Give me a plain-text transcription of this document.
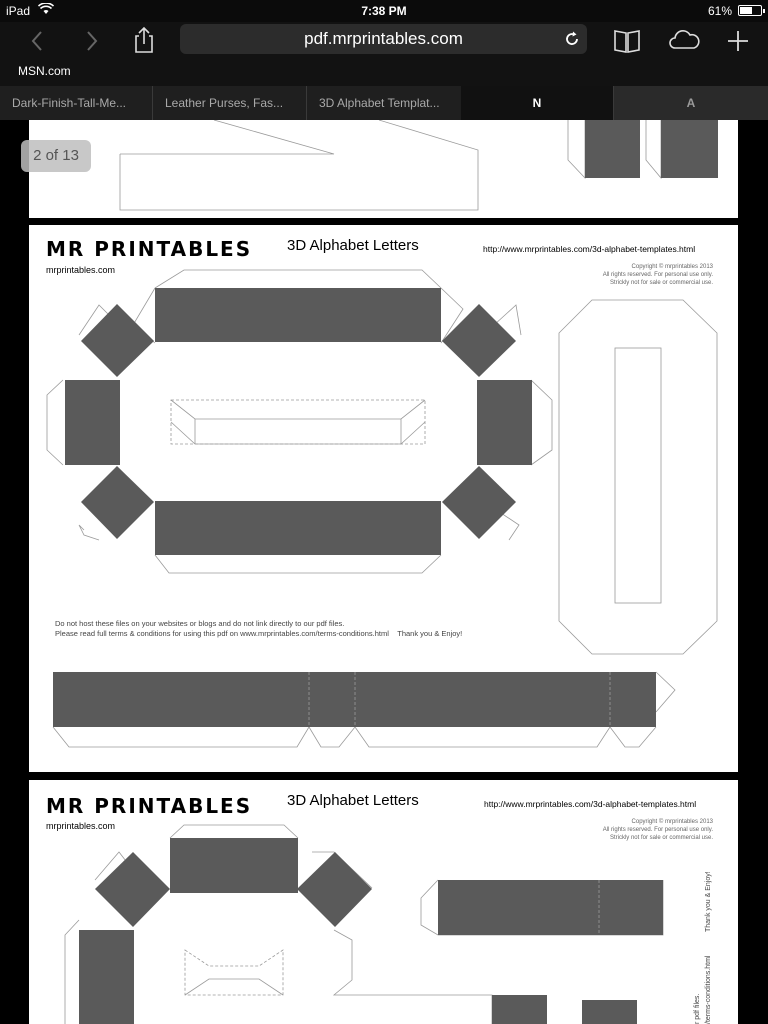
iPad	7:38 PM	61%
pdf.mrprintables.com
MSN.com
Dark-Finish-Tall-Me...	Leather Purses, Fas...	3D Alphabet Templat...	N	A
2 of 13
MR PRINTABLES
mrprintables.com
3D Alphabet Letters	http://www.mrprintables.com/3d-alphabet-templates.html
Copyright © mrprintables 2013
All rights reserved. For personal use only.
Strickly not for sale or commercial use.
Do not host these files on your websites or blogs and do not link directly to our pdf files.
Please read full terms & conditions for using this pdf on www.mrprintables.com/terms-conditions.html Thank you & Enjoy!
MR PRINTABLES
mrprintables.com
3D Alphabet Letters	http://www.mrprintables.com/3d-alphabet-templates.html
Copyright © mrprintables 2013
All rights reserved. For personal use only.
Strickly not for sale or commercial use.
Thank you & Enjoy!
/terms-conditions.html
r pdf files.
